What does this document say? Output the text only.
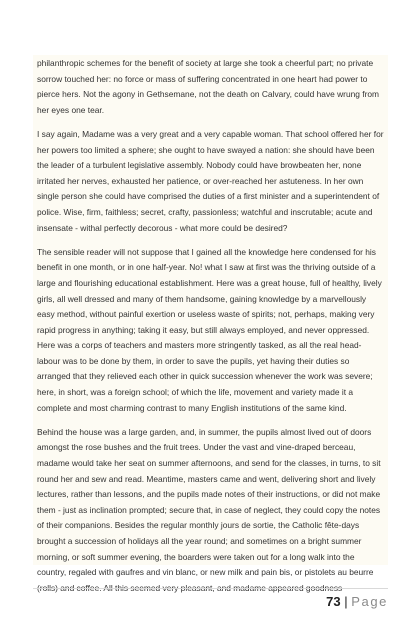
philanthropic schemes for the benefit of society at large she took a cheerful part; no private sorrow touched her: no force or mass of suffering concentrated in one heart had power to pierce hers. Not the agony in Gethsemane, not the death on Calvary, could have wrung from her eyes one tear.

I say again, Madame was a very great and a very capable woman. That school offered her for her powers too limited a sphere; she ought to have swayed a nation: she should have been the leader of a turbulent legislative assembly. Nobody could have browbeaten her, none irritated her nerves, exhausted her patience, or over-reached her astuteness. In her own single person she could have comprised the duties of a first minister and a superintendent of police. Wise, firm, faithless; secret, crafty, passionless; watchful and inscrutable; acute and insensate - withal perfectly decorous - what more could be desired?

The sensible reader will not suppose that I gained all the knowledge here condensed for his benefit in one month, or in one half-year. No! what I saw at first was the thriving outside of a large and flourishing educational establishment. Here was a great house, full of healthy, lively girls, all well dressed and many of them handsome, gaining knowledge by a marvellously easy method, without painful exertion or useless waste of spirits; not, perhaps, making very rapid progress in anything; taking it easy, but still always employed, and never oppressed. Here was a corps of teachers and masters more stringently tasked, as all the real head-labour was to be done by them, in order to save the pupils, yet having their duties so arranged that they relieved each other in quick succession whenever the work was severe; here, in short, was a foreign school; of which the life, movement and variety made it a complete and most charming contrast to many English institutions of the same kind.

Behind the house was a large garden, and, in summer, the pupils almost lived out of doors amongst the rose bushes and the fruit trees. Under the vast and vine-draped berceau, madame would take her seat on summer afternoons, and send for the classes, in turns, to sit round her and sew and read. Meantime, masters came and went, delivering short and lively lectures, rather than lessons, and the pupils made notes of their instructions, or did not make them - just as inclination prompted; secure that, in case of neglect, they could copy the notes of their companions. Besides the regular monthly jours de sortie, the Catholic fête-days brought a succession of holidays all the year round; and sometimes on a bright summer morning, or soft summer evening, the boarders were taken out for a long walk into the country, regaled with gaufres and vin blanc, or new milk and pain bis, or pistolets au beurre (rolls) and coffee. All this seemed very pleasant, and madame appeared goodness

73 | Page
